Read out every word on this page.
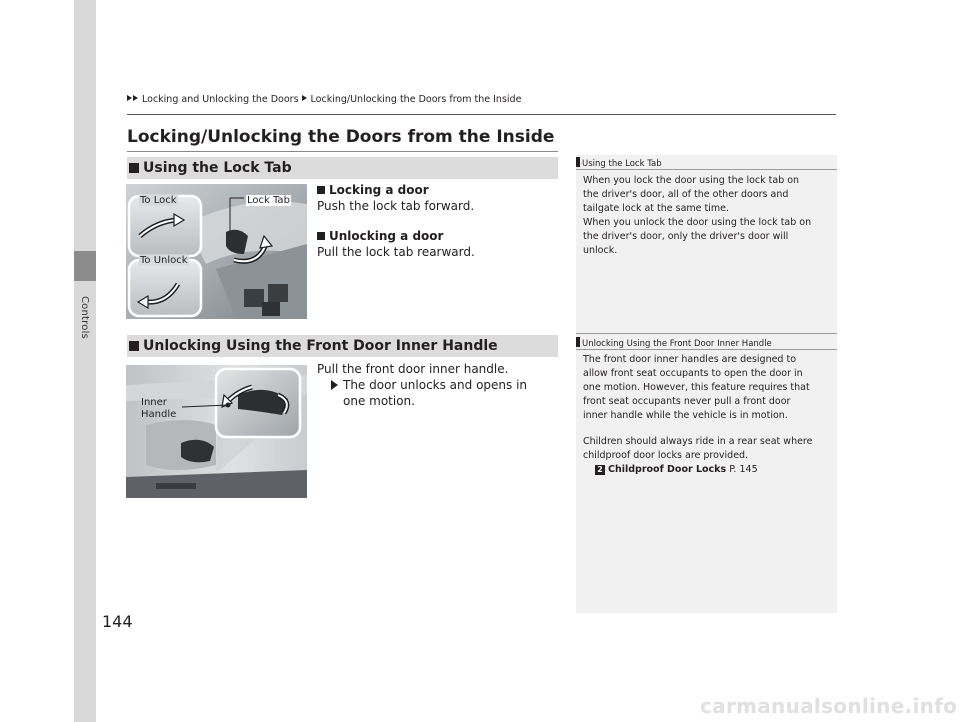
Controls
144
Locking and Unlocking the Doors Locking/Unlocking the Doors from the Inside
Locking/Unlocking the Doors from the Inside
Using the Lock Tab
To Lock	Lock Tab
To Unlock
Locking a door
Push the lock tab forward.
Unlocking a door
Pull the lock tab rearward.
Unlocking Using the Front Door Inner Handle
Inner
Handle
Pull the front door inner handle.
The door unlocks and opens in one motion.
Using the Lock Tab
When you lock the door using the lock tab on the driver's door, all of the other doors and tailgate lock at the same time.
When you unlock the door using the lock tab on the driver's door, only the driver's door will unlock.
Unlocking Using the Front Door Inner Handle
The front door inner handles are designed to allow front seat occupants to open the door in one motion. However, this feature requires that front seat occupants never pull a front door inner handle while the vehicle is in motion.
Children should always ride in a rear seat where childproof door locks are provided.
2 Childproof Door Locks P. 145
carmanualsonline.info
